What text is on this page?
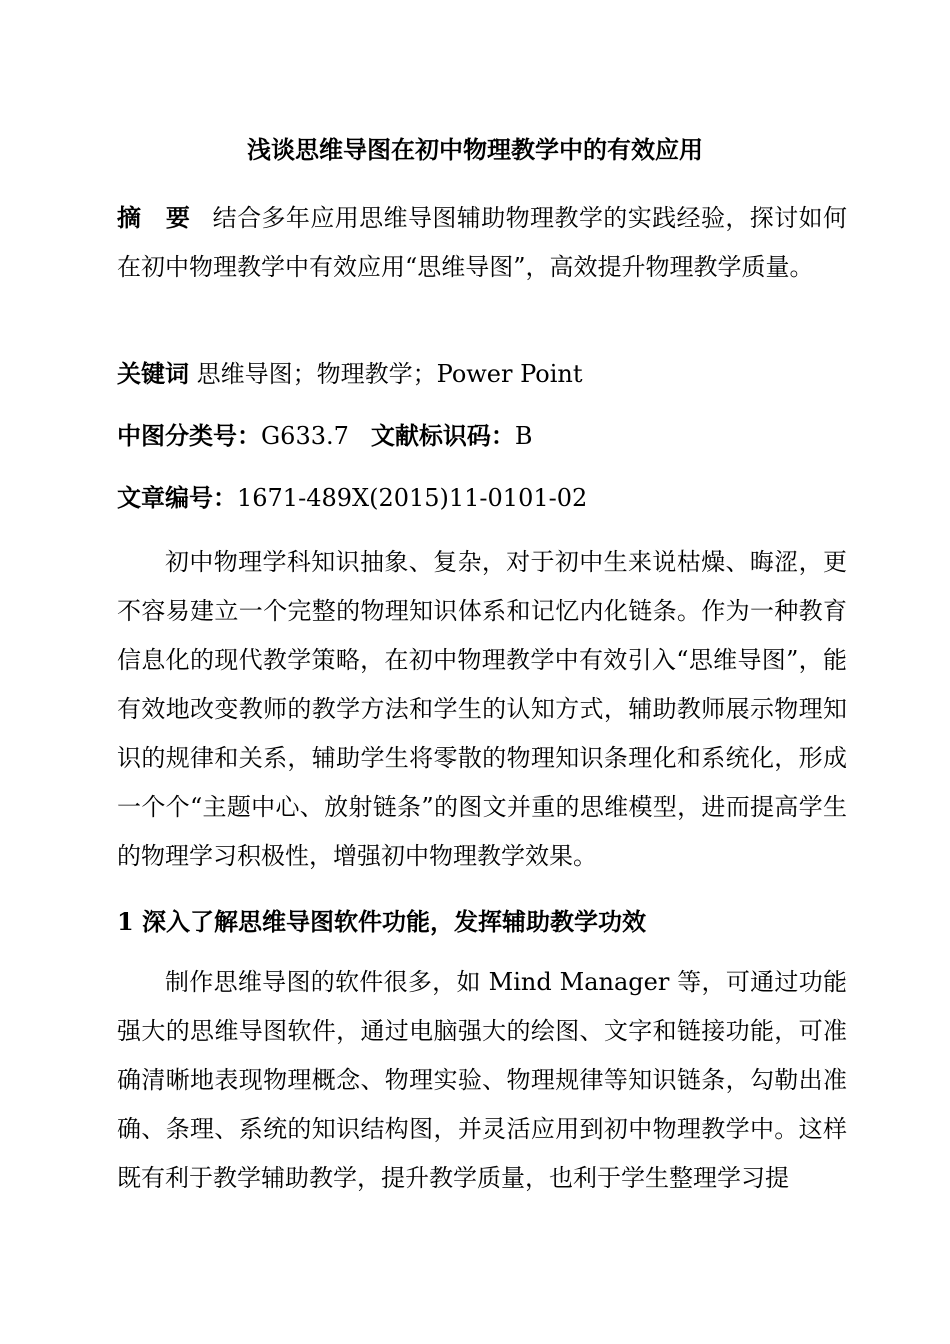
浅谈思维导图在初中物理教学中的有效应用
摘　要 结合多年应用思维导图辅助物理教学的实践经验，探讨如何在初中物理教学中有效应用“思维导图”，高效提升物理教学质量。
关键词 思维导图；物理教学；Power Point
中图分类号：G633.7 文献标识码：B
文章编号：1671-489X(2015)11-0101-02
初中物理学科知识抽象、复杂，对于初中生来说枯燥、晦涩，更不容易建立一个完整的物理知识体系和记忆内化链条。作为一种教育信息化的现代教学策略，在初中物理教学中有效引入“思维导图”，能有效地改变教师的教学方法和学生的认知方式，辅助教师展示物理知识的规律和关系，辅助学生将零散的物理知识条理化和系统化，形成一个个“主题中心、放射链条”的图文并重的思维模型，进而提高学生的物理学习积极性，增强初中物理教学效果。
1 深入了解思维导图软件功能，发挥辅助教学功效
制作思维导图的软件很多，如 Mind Manager 等，可通过功能强大的思维导图软件，通过电脑强大的绘图、文字和链接功能，可准确清晰地表现物理概念、物理实验、物理规律等知识链条，勾勒出准确、条理、系统的知识结构图，并灵活应用到初中物理教学中。这样既有利于教学辅助教学，提升教学质量，也利于学生整理学习提
